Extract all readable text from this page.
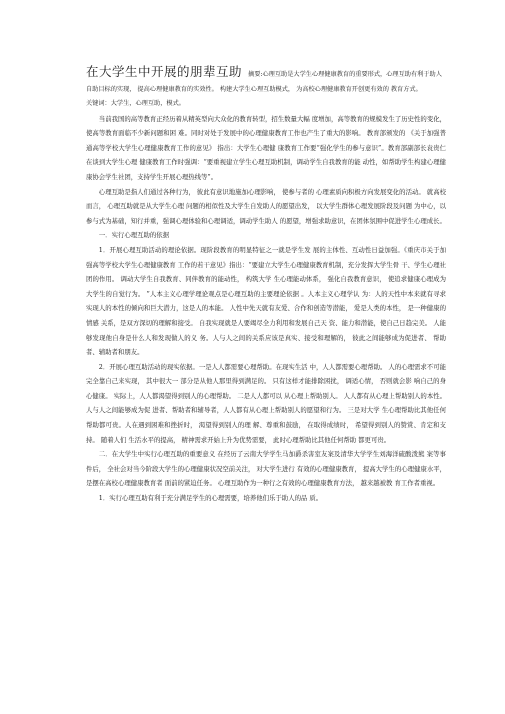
在大学生中开展的朋辈互助 摘要:心理互助是大学生心理健康教育的重要形式，心理互助有利于助人自助目标的实现， 提高心理健康教育的实效性。 构建大学生心理互助模式， 为高校心理健康教育开创更有效的 教育方式。

关键词：大学生，心理互助，模式。

当前我国的高等教育正经历着从精英型向大众化的教育转型，招生数量大幅 度增加，高等教育的规模发生了历史性的变化， 使高等教育面临不少新问题和困 难。同时对处于发展中的心理健康教育工作也产生了重大的影响。 教育部颁发的 《关于加强普通高等学校大学生心理健康教育工作的意见》 指出：大学生心理健 康教育工作要“强化学生的参与意识”。教育部副部长袁贵仁在谈到大学生心理 健康教育工作时强调：“要重视建立学生心理互助机制，调动学生自我教育的能 动性，如帮助学生构建心理健康协会学生社团，支持学生开展心理热线等”。

心理互助是指人们通过各种行为， 彼此有意识地施加心理影响， 使参与者的 心理素质向积极方向发展变化的活动。 就高校而言， 心理互助就是从大学生心理 问题的相似性及大学生自发助人的愿望出发， 以大学生群体心理发展阶段及问题 为中心，以参与式为基础，知行并重，强调心理体验和心理调适，调动学生助人 的愿望，增强求助意识，在团体氛围中促进学生心理成长。

一．实行心理互助的依据

1．开展心理互助活动的理论依据。现阶段教育的明显特征之一就是学生发 展的主体性、互动性日益加强。《重庆市关于加强高等学校大学生心理健康教育 工作的若干意见》指出：“要建立大学生心理健康教育机制，充分发挥大学生骨 干、学生心理社团的作用。 调动大学生自我教育、同伴教育的能动性， 构筑大学 生心理能动体系， 强化自我教育意识， 使追求健康心理成为大学生的自觉行为。 ”人本主义心理学理论观点是心理互助的主要理论依据 。人本主义心理学认 为：人的天性中本来就有寻求实现人的本性的倾向和巨大潜力，这是人的本能。 人性中先天就有友爱、合作和创造等潜能， 爱是人类的本性， 是一种健康的情感 关系，是双方深切的理解和接受。 自我实现就是人要竭尽全力利用和发展自己天 资、能力和潜能，使自己日趋完美。 人能够发现他自身是什么人和发现做人的义 务。人与人之间的关系应该是真实、接受和理解的， 彼此之间能够成为促进者、 帮助者、辅助者和朋友。

2．开展心理互助活动的现实依据。一是人人都需要心理帮助。在现实生活 中，人人都需要心理帮助。 人的心理需求不可能完全靠自己来实现， 其中很大一 部分是从他人那里得到满足的。 只有这样才能排除困扰， 调适心情， 否则就会影 响自己的身心健康。 实际上，人人都渴望得到别人的心理帮助。 二是人人都可以 从心理上帮助别人。 人人都有从心理上帮助别人的本性。 人与人之间能够成为促 进者、帮助者和辅导者，人人都有从心理上帮助别人的愿望和行为。 三是对大学 生心理帮助比其他任何帮助都可贵。人在遇到困难和挫折时， 渴望得到别人的理 解、尊重和鼓励， 在取得成绩时， 希望得到别人的赞赏、肯定和支持。 随着人们 生活水平的提高， 精神需求开始上升为优势需要， 此时心理帮助比其他任何帮助 都更可贵。

二．在大学生中实行心理互助的重要意义 在经历了云南大学学生马加爵杀害室友案及清华大学学生刘海洋硫酸泼熊 案等事件后， 全社会对当今阶段大学生的心理健康状况空前关注， 对大学生进行 有效的心理健康教育， 提高大学生的心理健康水平， 是摆在高校心理健康教育者 面前的紧迫任务。 心理互助作为一种行之有效的心理健康教育方法， 越来越被教 育工作者重视。

1．实行心理互助有利于充分满足学生的心理需要，培养他们乐于助人的品 质。
